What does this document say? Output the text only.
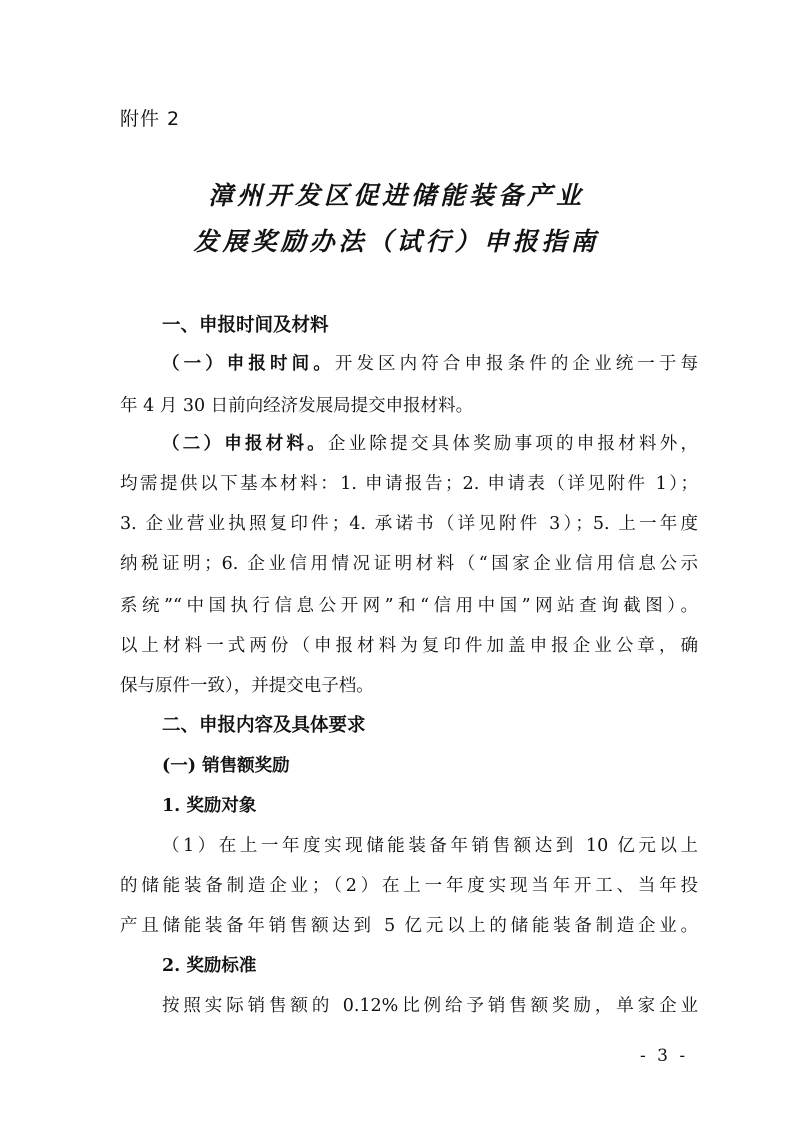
附件 2
漳州开发区促进储能装备产业
发展奖励办法（试行）申报指南
一、申报时间及材料
（一）申报时间。开发区内符合申报条件的企业统一于每
年 4 月 30 日前向经济发展局提交申报材料。
（二）申报材料。企业除提交具体奖励事项的申报材料外，
均需提供以下基本材料：1. 申请报告；2. 申请表（详见附件 1）；
3. 企业营业执照复印件；4. 承诺书（详见附件 3）；5. 上一年度
纳税证明；6. 企业信用情况证明材料（“国家企业信用信息公示
系统”“中国执行信息公开网”和“信用中国”网站查询截图）。
以上材料一式两份（申报材料为复印件加盖申报企业公章，确
保与原件一致），并提交电子档。
二、申报内容及具体要求
(一) 销售额奖励
1. 奖励对象
（1）在上一年度实现储能装备年销售额达到 10 亿元以上
的储能装备制造企业；（2）在上一年度实现当年开工、当年投
产且储能装备年销售额达到 5 亿元以上的储能装备制造企业。
2. 奖励标准
按照实际销售额的 0.12%比例给予销售额奖励，单家企业
- 3 -
